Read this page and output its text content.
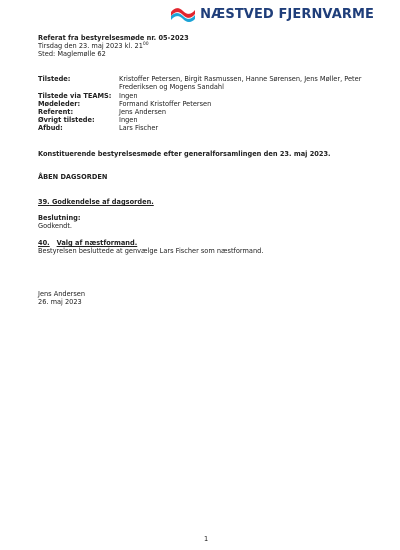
NÆSTVED FJERNVARME
Referat fra bestyrelsesmøde nr. 05-2023
Tirsdag den 23. maj 2023 kl. $21^{00}$
Sted: Maglemølle 62
Tilstede:	Kristoffer Petersen, Birgit Rasmussen, Hanne Sørensen, Jens Møller, Peter
Frederiksen og Mogens Sandahl
Tilstede via TEAMS: Ingen
Mødeleder:	Formand Kristoffer Petersen
Referent:	Jens Andersen
Øvrigt tilstede:	Ingen
Afbud:	Lars Fischer
Konstituerende bestyrelsesmøde efter generalforsamlingen den 23. maj 2023.
ÅBEN DAGSORDEN
39. Godkendelse af dagsorden.
Beslutning:
Godkendt.
40. Valg af næstformand.
Bestyrelsen besluttede at genvælge Lars Fischer som næstformand.
Jens Andersen
26. maj 2023
1
